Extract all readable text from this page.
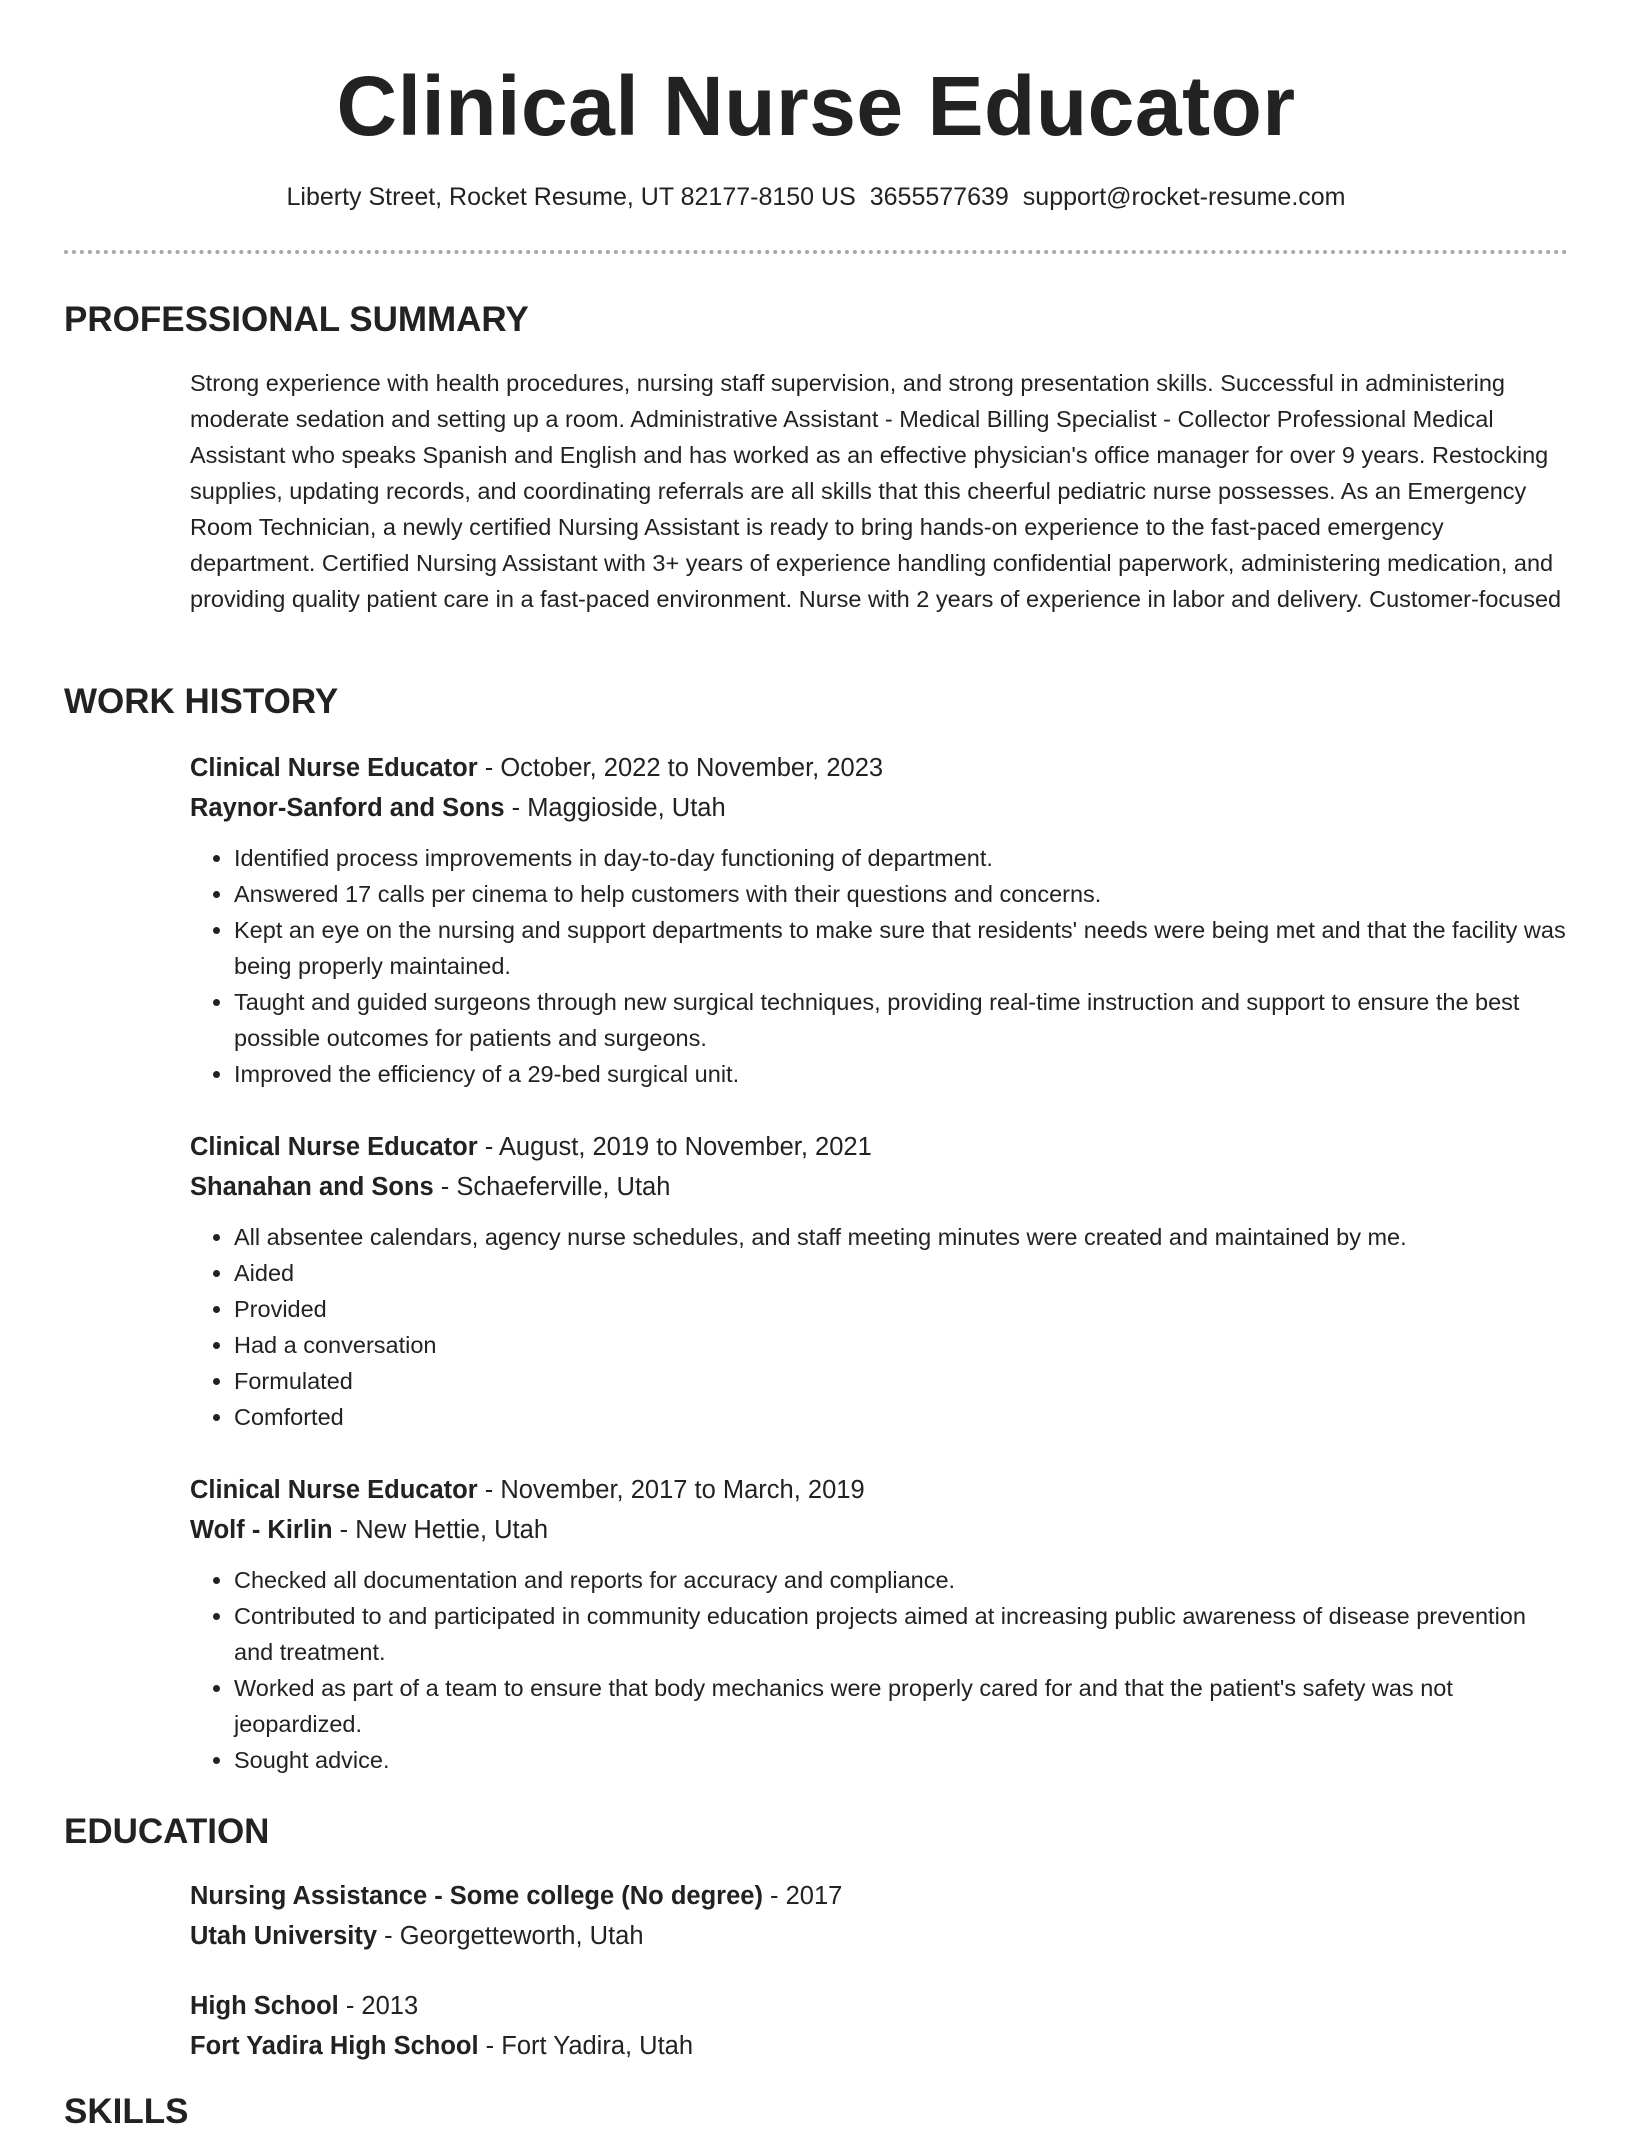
Clinical Nurse Educator
Liberty Street, Rocket Resume, UT 82177-8150 US 3655577639 support@rocket-resume.com
PROFESSIONAL SUMMARY
Strong experience with health procedures, nursing staff supervision, and strong presentation skills. Successful in administering moderate sedation and setting up a room. Administrative Assistant - Medical Billing Specialist - Collector Professional Medical Assistant who speaks Spanish and English and has worked as an effective physician's office manager for over 9 years. Restocking supplies, updating records, and coordinating referrals are all skills that this cheerful pediatric nurse possesses. As an Emergency Room Technician, a newly certified Nursing Assistant is ready to bring hands-on experience to the fast-paced emergency department. Certified Nursing Assistant with 3+ years of experience handling confidential paperwork, administering medication, and providing quality patient care in a fast-paced environment. Nurse with 2 years of experience in labor and delivery. Customer-focused
WORK HISTORY
Clinical Nurse Educator - October, 2022 to November, 2023
Raynor-Sanford and Sons - Maggioside, Utah
• Identified process improvements in day-to-day functioning of department.
• Answered 17 calls per cinema to help customers with their questions and concerns.
• Kept an eye on the nursing and support departments to make sure that residents' needs were being met and that the facility was being properly maintained.
• Taught and guided surgeons through new surgical techniques, providing real-time instruction and support to ensure the best possible outcomes for patients and surgeons.
• Improved the efficiency of a 29-bed surgical unit.
Clinical Nurse Educator - August, 2019 to November, 2021
Shanahan and Sons - Schaeferville, Utah
• All absentee calendars, agency nurse schedules, and staff meeting minutes were created and maintained by me.
• Aided
• Provided
• Had a conversation
• Formulated
• Comforted
Clinical Nurse Educator - November, 2017 to March, 2019
Wolf - Kirlin - New Hettie, Utah
• Checked all documentation and reports for accuracy and compliance.
• Contributed to and participated in community education projects aimed at increasing public awareness of disease prevention and treatment.
• Worked as part of a team to ensure that body mechanics were properly cared for and that the patient's safety was not jeopardized.
• Sought advice.
EDUCATION
Nursing Assistance - Some college (No degree) - 2017
Utah University - Georgetteworth, Utah
High School - 2013
Fort Yadira High School - Fort Yadira, Utah
SKILLS
